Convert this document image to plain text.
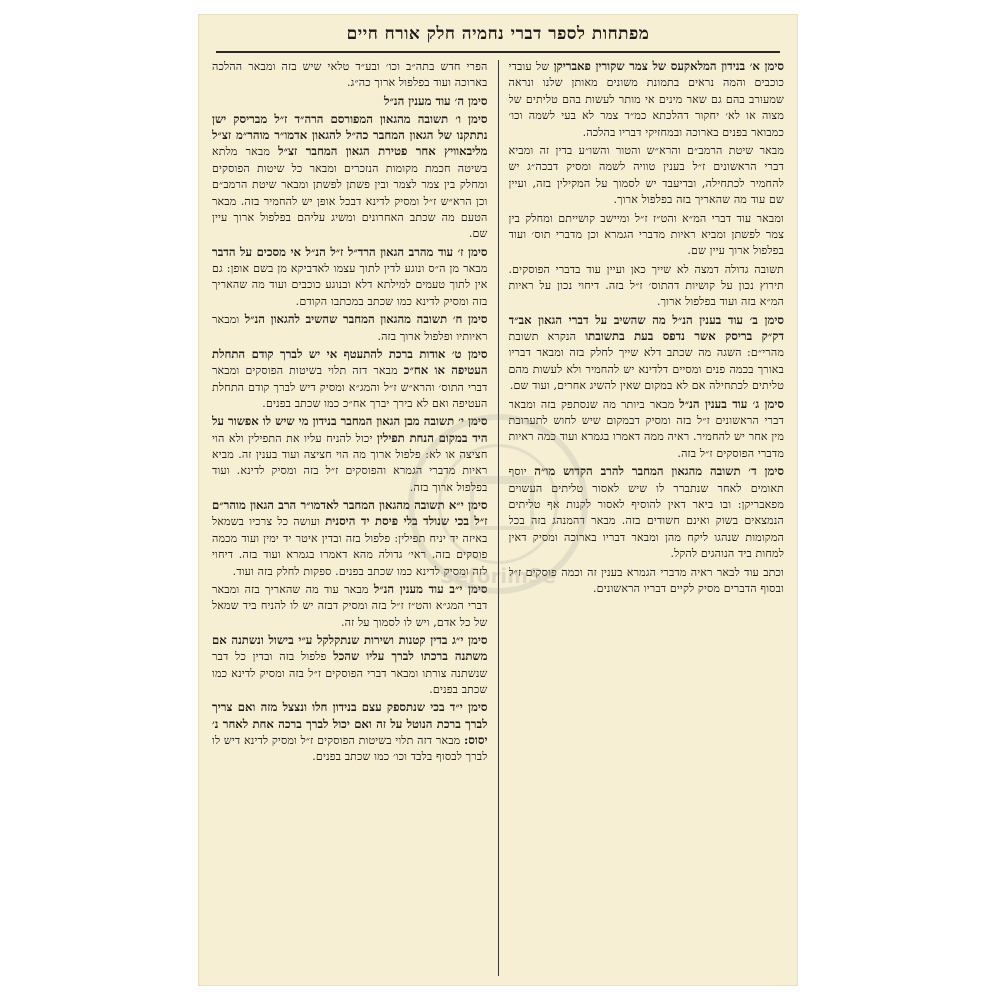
מפתחות לספר דברי נחמיה חלק אורח חיים

סימן א׳ בנידון המלאקעס של צמר שקורין פאבריקן של עובדי כוכבים והמה נראים בתמונת משונים מאותן שלנו ונראה שמעורב בהם גם שאר מינים אי מותר לעשות בהם טליתים של מצוה או לא׳ יחקור דהלכתא כמ״ד צמר לא בעי לשמה וכו׳ כמבואר בפנים בארוכה ובמחזיקי דבריו בהלכה.

מבאר שיטת הרמב״ם והרא״ש והטור והשו״ע בדין זה ומביא דברי הראשונים ז״ל בענין טוויה לשמה ומסיק דבכה״ג יש להחמיר לכתחילה, ובדיעבד יש לסמוך על המקילין בזה, ועיין שם עוד מה שהאריך בזה בפלפול ארוך.

ומבאר עוד דברי המ״א והט״ז ז״ל ומיישב קושייתם ומחלק בין צמר לפשתן ומביא ראיות מדברי הגמרא וכן מדברי תוס׳ ועוד בפלפול ארוך עיין שם.

תשובה גדולה דמצה לא שייך כאן ועיין עוד בדברי הפוסקים. תירוץ נכון על קושיות דהתוס׳ ז״ל בזה. דיחוי נכון על ראיות המ״א בזה ועוד בפלפול ארוך.

סימן ב׳ עוד בענין הנ״ל מה שהשיב על דברי הגאון אב״ד דק״ק בריסק אשר נדפס בעת בתשובתו הנקרא תשובת מהרי״ם: השגה מה שכתב דלא שייך לחלק בזה ומבאר דבריו באורך בכמה פנים ומסיים דלדינא יש להחמיר ולא לעשות מהם טליתים לכתחילה אם לא במקום שאין להשיג אחרים, ועוד שם.

סימן ג׳ עוד בענין הנ״ל מבאר ביותר מה שנסתפק בזה ומבאר דברי הראשונים ז״ל בזה ומסיק דבמקום שיש לחוש לתערובת מין אחר יש להחמיר. ראיה ממה דאמרו בגמרא ועוד כמה ראיות מדברי הפוסקים ז״ל בזה.

סימן ד׳ תשובה מהגאון המחבר להרב הקדוש מו״ה יוסף תאומים לאחר שנתברר לו שיש לאסור טליתים העשוים מפאבריקן: ובו ביאר דאין להוסיף לאסור לקנות אף טליתים הנמצאים בשוק ואינם חשודים בזה. מבאר דהמנהג בזה בכל המקומות שנהגו ליקח מהן ומבאר דבריו בארוכה ומסיק דאין למחות ביד הנוהגים להקל.

וכתב עוד לבאר ראיה מדברי הגמרא בענין זה וכמה פוסקים ז״ל ובסוף הדברים מסיק לקיים דבריו הראשונים.

הפרי חדש בתה״ב וכו׳ ובע״ד טלאי שיש בזה ומבאר ההלכה בארוכה ועוד בפלפול ארוך כה״ג.

סימן ה׳ עוד מענין הנ״ל

סימן ו׳ תשובה מהגאון המפורסם הרה״ד ז״ל מבריסק ישן נתתקנו של הגאון המחבר כה״ל להגאון אדמו״ר מוהר״מ זצ״ל מליבאוויץ אחר פטירת הגאון המחבר זצ״ל מבאר מלתא בשיטה חכמת מקומות הנזכרים ומבאר כל שיטות הפוסקים ומחלק בין צמר לצמר ובין פשתן לפשתן ומבאר שיטת הרמב״ם וכן הרא״ש ז״ל ומסיק לדינא דבכל אופן יש להחמיר בזה. מבאר הטעם מה שכתב האחרונים ומשיג עליהם בפלפול ארוך עיין שם.

סימן ז׳ עוד מהרב הגאון הרד״ל ז״ל הנ״ל אי מסכים על הדבר מבאר מן ה״ס ונוגע לדין לתוך עצמו לאדביקא מן בשם אופן: גם אין לתוך טעמים למילתא דלא ובנוגע כוכבים ועוד מה שהאריך בזה ומסיק לדינא כמו שכתב במכתבו הקודם.

סימן ח׳ תשובה מהגאון המחבר שהשיב להגאון הנ״ל ומבאר ראיותיו ופלפול ארוך בזה.

סימן ט׳ אודות ברכת להתעטף אי יש לברך קודם התחלת העטיפה או אח״כ מבאר דזה תלוי בשיטות הפוסקים ומבאר דברי התוס׳ והרא״ש ז״ל והמג״א ומסיק דיש לברך קודם התחלת העטיפה ואם לא בירך יברך אח״כ כמו שכתב בפנים.

סימן י׳ תשובה מבן הגאון המחבר בנידון מי שיש לו אפשור על היד במקום הנחת תפילין יכול להניח עליו את התפילין ולא הוי חציצה או לא: פלפול ארוך מה הוי חציצה ועוד בענין זה. מביא ראיות מדברי הגמרא והפוסקים ז״ל בזה ומסיק לדינא. ועוד בפלפול ארוך בזה.

סימן י״א תשובה מהגאון המחבר לאדמו״ר הרב הגאון מוהר״ם ז״ל בכי שנולד בלי פיסת יד היסנית ועושה כל צרכיו בשמאל באיזה יד יניח תפילין: פלפול בזה ובדין איטר יד ימין ועוד מכמה פוסקים בזה. ראי׳ גדולה מהא דאמרו בגמרא ועוד בזה. דיחוי לזה ומסיק לדינא כמו שכתב בפנים. ספקות לחלק בזה ועוד.

סימן י״ב עוד מענין הנ״ל מבאר עוד מה שהאריך בזה ומבאר דברי המג״א והט״ז ז״ל בזה ומסיק דבזה יש לו להניח ביד שמאל של כל אדם, ויש לו לסמוך על זה.

סימן י״ג בדין קטנות ושירות שנתקלקל ע״י בישול ונשתנה אם משתנה ברכתו לברך עליו שהכל פלפול בזה ובדין כל דבר שנשתנה צורתו ומבאר דברי הפוסקים ז״ל בזה ומסיק לדינא כמו שכתב בפנים.

סימן י״ד בכי שנתספק עצם בנידון חלו ונצצל מזה ואם צריך לברך ברכת הנוטל על זה ואם יכול לברך ברכה אחת לאחר נ׳ יסוס: מבאר דזה תלוי בשיטות הפוסקים ז״ל ומסיק לדינא דיש לו לברך לבסוף בלבד וכו׳ כמו שכתב בפנים.

SeforimSe
